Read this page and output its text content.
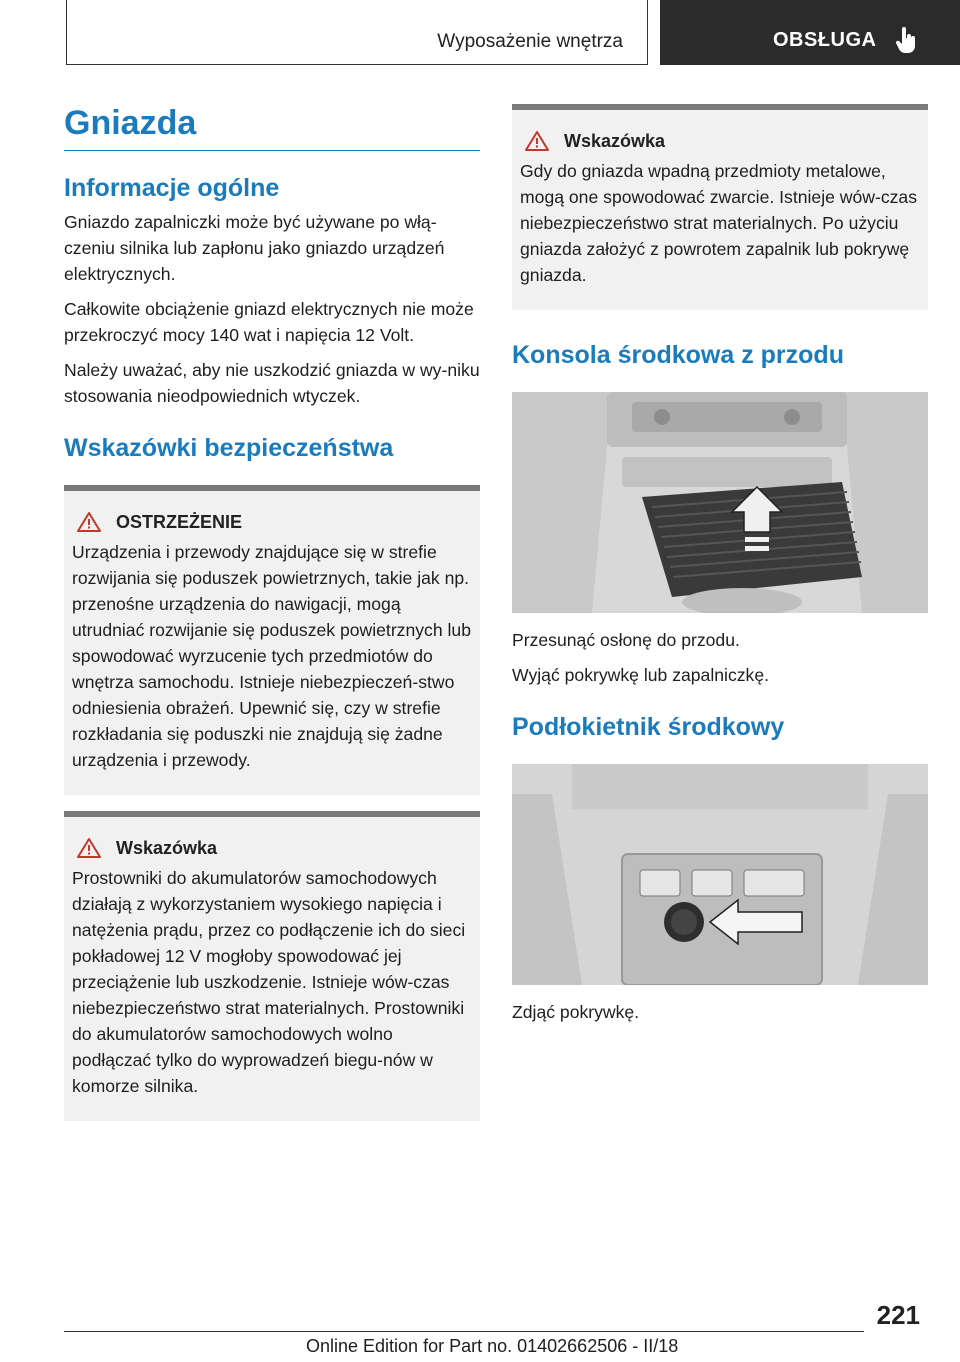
Wyposażenie wnętrza	OBSŁUGA
Gniazda
Informacje ogólne

Gniazdo zapalniczki może być używane po włą‐czeniu silnika lub zapłonu jako gniazdo urządzeń elektrycznych.

Całkowite obciążenie gniazd elektrycznych nie może przekroczyć mocy 140 wat i napięcia 12 Volt.

Należy uważać, aby nie uszkodzić gniazda w wy‐niku stosowania nieodpowiednich wtyczek.

Wskazówki bezpieczeństwa
OSTRZEŻENIE

Urządzenia i przewody znajdujące się w strefie rozwijania się poduszek powietrznych, takie jak np. przenośne urządzenia do nawigacji, mogą utrudniać rozwijanie się poduszek powietrznych lub spowodować wyrzucenie tych przedmiotów do wnętrza samochodu. Istnieje niebezpieczeń‐stwo odniesienia obrażeń. Upewnić się, czy w strefie rozkładania się poduszki nie znajdują się żadne urządzenia i przewody.

Wskazówka

Prostowniki do akumulatorów samochodowych działają z wykorzystaniem wysokiego napięcia i natężenia prądu, przez co podłączenie ich do sieci pokładowej 12 V mogłoby spowodować jej przeciążenie lub uszkodzenie. Istnieje wów‐czas niebezpieczeństwo strat materialnych. Prostowniki do akumulatorów samochodowych wolno podłączać tylko do wyprowadzeń biegu‐nów w komorze silnika.

Wskazówka

Gdy do gniazda wpadną przedmioty metalowe, mogą one spowodować zwarcie. Istnieje wów‐czas niebezpieczeństwo strat materialnych. Po użyciu gniazda założyć z powrotem zapalnik lub pokrywę gniazda.

Konsola środkowa z przodu

Przesunąć osłonę do przodu.

Wyjąć pokrywkę lub zapalniczkę.

Podłokietnik środkowy

Zdjąć pokrywkę.

221
Online Edition for Part no. 01402662506 - II/18
